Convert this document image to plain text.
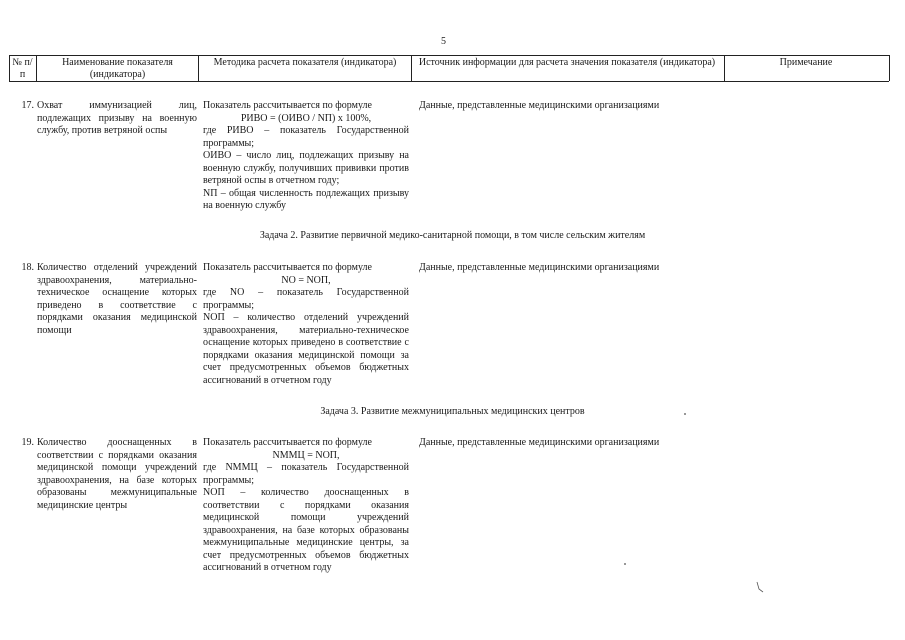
5
№ п/п
Наименование показателя (индикатора)
Методика расчета показателя (индикатора)	Источник информации для расчета значения показателя (индикатора)	Примечание
17. Охват иммунизацией лиц, подлежащих призыву на военную службу, против ветряной оспы
Показатель рассчитывается по формуле
PИВО = (OИВО / NП) x 100%,
где PИВО – показатель Государственной программы;
OИВО – число лиц, подлежащих призыву на военную службу, получивших прививки против ветряной оспы в отчетном году;
NП – общая численность подлежащих призыву на военную службу
Данные, представленные медицинскими организациями
Задача 2. Развитие первичной медико-санитарной помощи, в том числе сельским жителям
18. Количество отделений учреждений здравоохранения, материально-техническое оснащение которых приведено в соответствие с порядками оказания медицинской помощи
Показатель рассчитывается по формуле
NO = NOП,
где NO – показатель Государственной программы;
NOП – количество отделений учреждений здравоохранения, материально-техническое оснащение которых приведено в соответствие с порядками оказания медицинской помощи за счет предусмотренных объемов бюджетных ассигнований в отчетном году
Данные, представленные медицинскими организациями
Задача 3. Развитие межмуниципальных медицинских центров
19. Количество дооснащенных в соответствии с порядками оказания медицинской помощи учреждений здравоохранения, на базе которых образованы межмуниципальные медицинские центры
Показатель рассчитывается по формуле
NММЦ = NOП,
где NММЦ – показатель Государственной программы;
NOП – количество дооснащенных в соответствии с порядками оказания медицинской помощи учреждений здравоохранения, на базе которых образованы межмуниципальные медицинские центры, за счет предусмотренных объемов бюджетных ассигнований в отчетном году
Данные, представленные медицинскими организациями
